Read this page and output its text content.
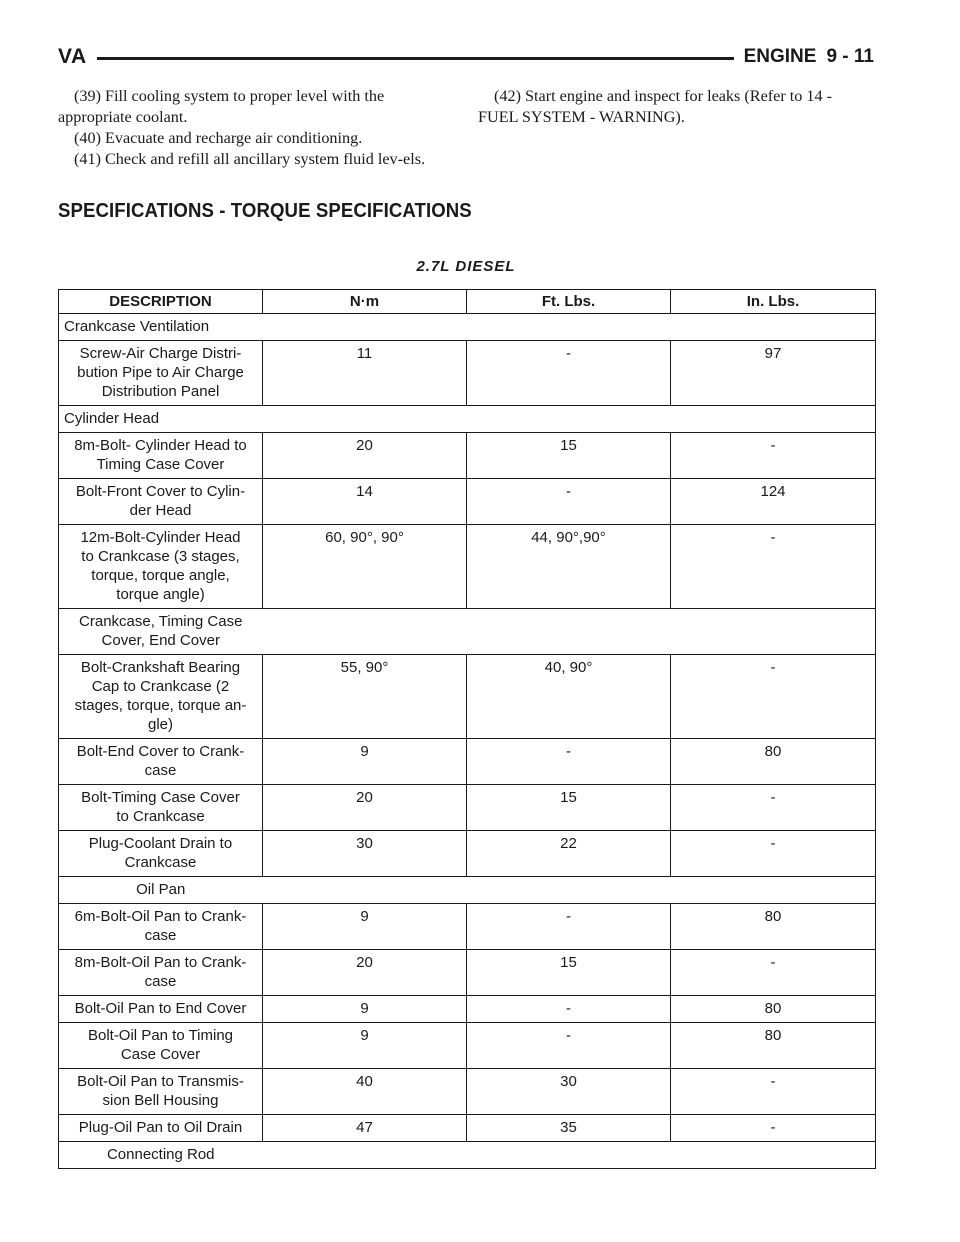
VA	ENGINE 9 - 11

(39) Fill cooling system to proper level with the appropriate coolant.

(40) Evacuate and recharge air conditioning.

(41) Check and refill all ancillary system fluid lev-els.

(42) Start engine and inspect for leaks (Refer to 14 - FUEL SYSTEM - WARNING).

SPECIFICATIONS - TORQUE SPECIFICATIONS
2.7L DIESEL
DESCRIPTION	N·m	Ft. Lbs.	In. Lbs.
Crankcase Ventilation			
Screw-Air Charge Distri-
bution Pipe to Air Charge
Distribution Panel	11	-	97
Cylinder Head			
8m-Bolt- Cylinder Head to
Timing Case Cover	20	15	-
Bolt-Front Cover to Cylin-
der Head	14	-	124
12m-Bolt-Cylinder Head
to Crankcase (3 stages,
torque, torque angle,
torque angle)	60, 90°, 90°	44, 90°,90°	-
Crankcase, Timing Case
Cover, End Cover			
Bolt-Crankshaft Bearing
Cap to Crankcase (2
stages, torque, torque an-
gle)	55, 90°	40, 90°	-
Bolt-End Cover to Crank-
case	9	-	80
Bolt-Timing Case Cover
to Crankcase	20	15	-
Plug-Coolant Drain to
Crankcase	30	22	-
Oil Pan			
6m-Bolt-Oil Pan to Crank-
case	9	-	80
8m-Bolt-Oil Pan to Crank-
case	20	15	-
Bolt-Oil Pan to End Cover	9	-	80
Bolt-Oil Pan to Timing
Case Cover	9	-	80
Bolt-Oil Pan to Transmis-
sion Bell Housing	40	30	-
Plug-Oil Pan to Oil Drain	47	35	-
Connecting Rod			
